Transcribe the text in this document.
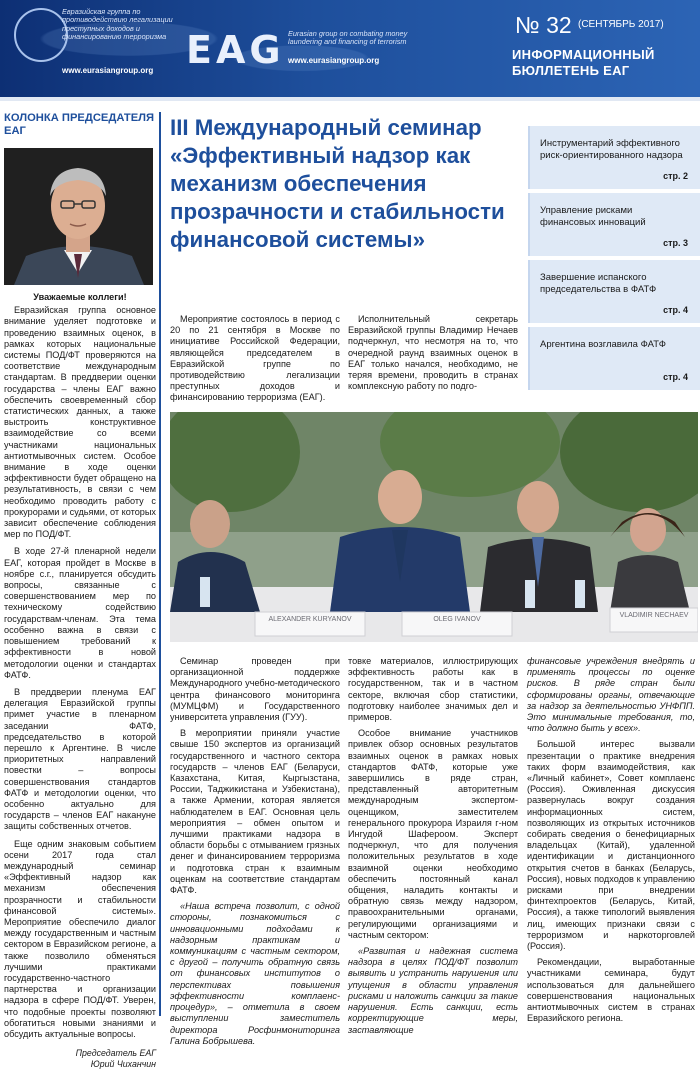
Евразийская группа по противодействию легализации преступных доходов и финансированию терроризма
www.eurasiangroup.org EAG Eurasian group on combating money laundering and financing of terrorism
www.eurasiangroup.org
№ 32 (СЕНТЯБРЬ 2017)
ИНФОРМАЦИОННЫЙ БЮЛЛЕТЕНЬ ЕАГ
КОЛОНКА ПРЕДСЕДАТЕЛЯ ЕАГ
Уважаемые коллеги!

Евразийская группа основное внимание уделяет подготовке и проведению взаимных оценок, в рамках которых национальные системы ПОД/ФТ проверяются на соответствие международным стандартам. В преддверии оценки государства – члены ЕАГ важно обеспечить своевременный сбор статистических данных, а также выстроить конструктивное взаимодействие со всеми участниками национальных антиотмывочных систем. Особое внимание в ходе оценки эффективности будет обращено на результативность, в связи с чем необходимо проводить работу с прокурорами и судьями, от которых зависит обеспечение соблюдения мер по ПОД/ФТ.

В ходе 27-й пленарной недели ЕАГ, которая пройдет в Москве в ноябре с.г., планируется обсудить вопросы, связанные с совершенствованием мер по техническому содействию государствам-членам. Эта тема особенно важна в связи с повышением требований к эффективности в новой методологии оценки и стандартах ФАТФ.

В преддверии пленума ЕАГ делегация Евразийской группы примет участие в пленарном заседании ФАТФ, председательство в которой перешло к Аргентине. В числе приоритетных направлений повестки – вопросы совершенствования стандартов ФАТФ и методологии оценки, что особенно актуально для государств – членов ЕАГ накануне защиты собственных отчетов.

Еще одним знаковым событием осени 2017 года стал международный семинар «Эффективный надзор как механизм обеспечения прозрачности и стабильности финансовой системы». Мероприятие обеспечило диалог между государственным и частным сектором в Евразийском регионе, а также позволило обменяться лучшими практиками государственно-частного партнерства и организации надзора в сфере ПОД/ФТ. Уверен, что подобные проекты позволяют обогатиться новыми знаниями и обсудить актуальные вопросы.

Председатель ЕАГ
Юрий Чиханчин
III Международный семинар «Эффективный надзор как механизм обеспечения прозрачности и стабильности финансовой системы»

Мероприятие состоялось в период с 20 по 21 сентября в Москве по инициативе Российской Федерации, являющейся председателем в Евразийской группе по противодействию легализации преступных доходов и финансированию терроризма (ЕАГ).

Исполнительный секретарь Евразийской группы Владимир Нечаев подчеркнул, что несмотря на то, что очередной раунд взаимных оценок в ЕАГ только начался, необходимо, не теряя времени, проводить в странах комплексную работу по подго-

Инструментарий эффективного риск-ориентированного надзора
стр. 2
Управление рисками финансовых инноваций
стр. 3
Завершение испанского председательства в ФАТФ
стр. 4
Аргентина возглавила ФАТФ
стр. 4
ALEXANDER KURYANOV	OLEG IVANOV
VLADIMIR NECHAEV

Семинар проведен при организационной поддержке Международного учебно-методического центра финансового мониторинга (МУМЦФМ) и Государственного университета управления (ГУУ).

В мероприятии приняли участие свыше 150 экспертов из организаций государственного и частного сектора государств – членов ЕАГ (Беларуси, Казахстана, Китая, Кыргызстана, России, Таджикистана и Узбекистана), а также Армении, которая является наблюдателем в ЕАГ. Основная цель мероприятия – обмен опытом и лучшими практиками надзора в области борьбы с отмыванием грязных денег и финансированием терроризма и подготовка стран к взаимным оценкам на соответствие стандартам ФАТФ.

«Наша встреча позволит, с одной стороны, познакомиться с инновационными подходами к надзорным практикам и коммуникациям с частным сектором, с другой – получить обратную связь от финансовых институтов о перспективах повышения эффективности комплаенс-процедур», – отметила в своем выступлении заместитель директора Росфинмониторинга Галина Бобрышева.

товке материалов, иллюстрирующих эффективность работы как в государственном, так и в частном секторе, включая сбор статистики, подготовку наиболее значимых дел и примеров.

Особое внимание участников привлек обзор основных результатов взаимных оценок в рамках новых стандартов ФАТФ, которые уже завершились в ряде стран, представленный авторитетным международным экспертом-оценщиком, заместителем генерального прокурора Израиля г-ном Ингудой Шафероом. Эксперт подчеркнул, что для получения положительных результатов в ходе взаимной оценки необходимо обеспечить постоянный канал общения, наладить контакты и обратную связь между надзором, правоохранительными органами, регулирующими организациями и частным сектором:

«Развитая и надежная система надзора в целях ПОД/ФТ позволит выявить и устранить нарушения или упущения в области управления рисками и наложить санкции за такие нарушения. Есть санкции, есть корректирующие меры, заставляющие

финансовые учреждения внедрять и применять процессы по оценке рисков. В ряде стран были сформированы органы, отвечающие за надзор за деятельностью УНФПП. Это минимальные требования, то, что должно быть у всех».

Большой интерес вызвали презентации о практике внедрения таких форм взаимодействия, как «Личный кабинет», Совет комплаенс (Россия). Оживленная дискуссия развернулась вокруг создания информационных систем, позволяющих из открытых источников собирать сведения о бенефициарных владельцах (Китай), удаленной идентификации и дистанционного открытия счетов в банках (Беларусь, Россия), новых подходов к управлению рисками при внедрении финтехпроектов (Беларусь, Китай, Россия), а также типологий выявления лиц, имеющих признаки связи с терроризмом и наркоторговлей (Россия).

Рекомендации, выработанные участниками семинара, будут использоваться для дальнейшего совершенствования национальных антиотмывочных систем в странах Евразийского региона.
